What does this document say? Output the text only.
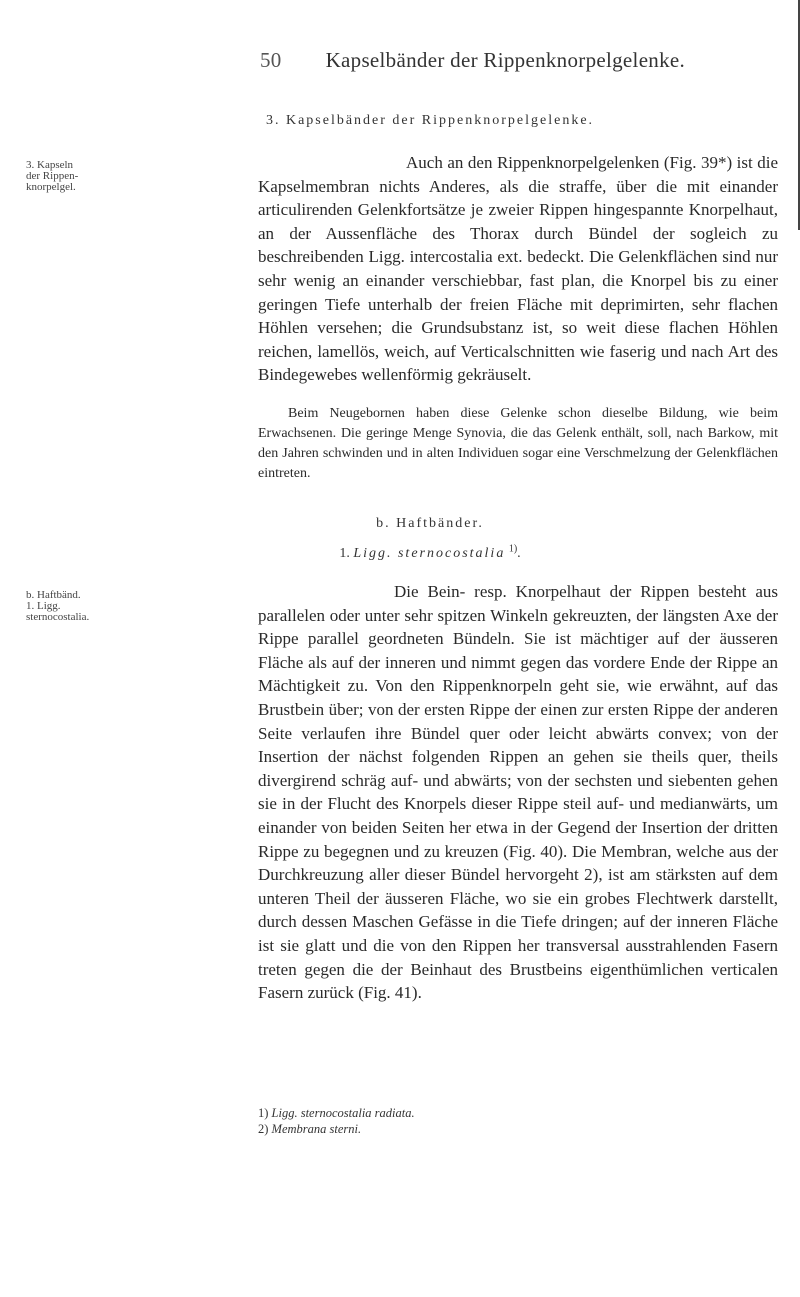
50 Kapselbänder der Rippenknorpelgelenke.
3. Kapselbänder der Rippenknorpelgelenke.
3. Kapseln der Rippen-knorpelgel.
Auch an den Rippenknorpelgelenken (Fig. 39*) ist die Kapselmembran nichts Anderes, als die straffe, über die mit einander articulirenden Gelenkfortsätze je zweier Rippen hingespannte Knorpelhaut, an der Aussenfläche des Thorax durch Bündel der sogleich zu beschreibenden Ligg. intercostalia ext. bedeckt. Die Gelenkflächen sind nur sehr wenig an einander verschiebbar, fast plan, die Knorpel bis zu einer geringen Tiefe unterhalb der freien Fläche mit deprimirten, sehr flachen Höhlen versehen; die Grundsubstanz ist, so weit diese flachen Höhlen reichen, lamellös, weich, auf Verticalschnitten wie faserig und nach Art des Bindegewebes wellenförmig gekräuselt.
Beim Neugebornen haben diese Gelenke schon dieselbe Bildung, wie beim Erwachsenen. Die geringe Menge Synovia, die das Gelenk enthält, soll, nach Barkow, mit den Jahren schwinden und in alten Individuen sogar eine Verschmelzung der Gelenkflächen eintreten.
b. Haftbänder.
1. Ligg. sternocostalia $^{1)}$.
b. Haftbänd. 1. Ligg. sternocostalia.
Die Bein- resp. Knorpelhaut der Rippen besteht aus parallelen oder unter sehr spitzen Winkeln gekreuzten, der längsten Axe der Rippe parallel geordneten Bündeln. Sie ist mächtiger auf der äusseren Fläche als auf der inneren und nimmt gegen das vordere Ende der Rippe an Mächtigkeit zu. Von den Rippenknorpeln geht sie, wie erwähnt, auf das Brustbein über; von der ersten Rippe der einen zur ersten Rippe der anderen Seite verlaufen ihre Bündel quer oder leicht abwärts convex; von der Insertion der nächst folgenden Rippen an gehen sie theils quer, theils divergirend schräg auf- und abwärts; von der sechsten und siebenten gehen sie in der Flucht des Knorpels dieser Rippe steil auf- und medianwärts, um einander von beiden Seiten her etwa in der Gegend der Insertion der dritten Rippe zu begegnen und zu kreuzen (Fig. 40). Die Membran, welche aus der Durchkreuzung aller dieser Bündel hervorgeht 2), ist am stärksten auf dem unteren Theil der äusseren Fläche, wo sie ein grobes Flechtwerk darstellt, durch dessen Maschen Gefässe in die Tiefe dringen; auf der inneren Fläche ist sie glatt und die von den Rippen her transversal ausstrahlenden Fasern treten gegen die der Beinhaut des Brustbeins eigenthümlichen verticalen Fasern zurück (Fig. 41).
1) Ligg. sternocostalia radiata.
2) Membrana sterni.
